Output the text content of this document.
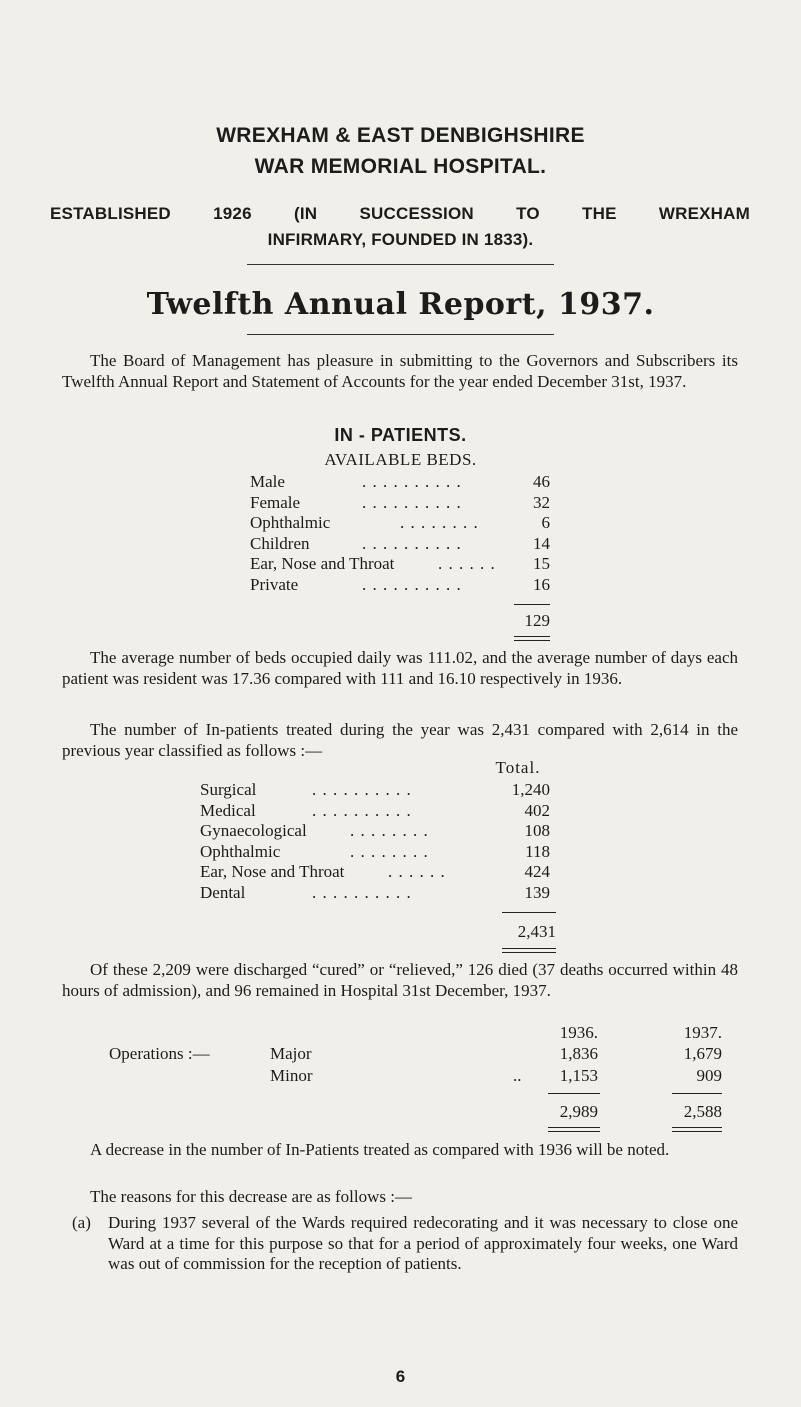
WREXHAM & EAST DENBIGHSHIRE
WAR MEMORIAL HOSPITAL.
ESTABLISHED 1926 (IN SUCCESSION TO THE WREXHAM
INFIRMARY, FOUNDED IN 1833).
Twelfth Annual Report, 1937.
The Board of Management has pleasure in submitting to the Governors and Subscribers its Twelfth Annual Report and Statement of Accounts for the year ended December 31st, 1937.
IN - PATIENTS.
AVAILABLE BEDS.
Male	. . . . . . . . . .	46
Female	. . . . . . . . . .	32
Ophthalmic	. . . . . . . .	6
Children	. . . . . . . . . .	14
Ear, Nose and Throat	. . . . . .	15
Private	. . . . . . . . . .	16
129
The average number of beds occupied daily was 111.02, and the average number of days each patient was resident was 17.36 compared with 111 and 16.10 respectively in 1936.
The number of In-patients treated during the year was 2,431 compared with 2,614 in the previous year classified as follows :—
Total.
Surgical	. . . . . . . . . .	1,240
Medical	. . . . . . . . . .	402
Gynaecological	. . . . . . . .	108
Ophthalmic	. . . . . . . .	118
Ear, Nose and Throat	. . . . . .	424
Dental	. . . . . . . . . .	139
2,431
Of these 2,209 were discharged “cured” or “relieved,” 126 died (37 deaths occurred within 48 hours of admission), and 96 remained in Hospital 31st December, 1937.
1936.	1937.
Operations :—	Major	1,836	1,679
Minor	..	1,153	909
2,989	2,588
A decrease in the number of In-Patients treated as compared with 1936 will be noted.
The reasons for this decrease are as follows :—
(a) During 1937 several of the Wards required redecorating and it was necessary to close one Ward at a time for this purpose so that for a period of approximately four weeks, one Ward was out of commission for the reception of patients.
6
